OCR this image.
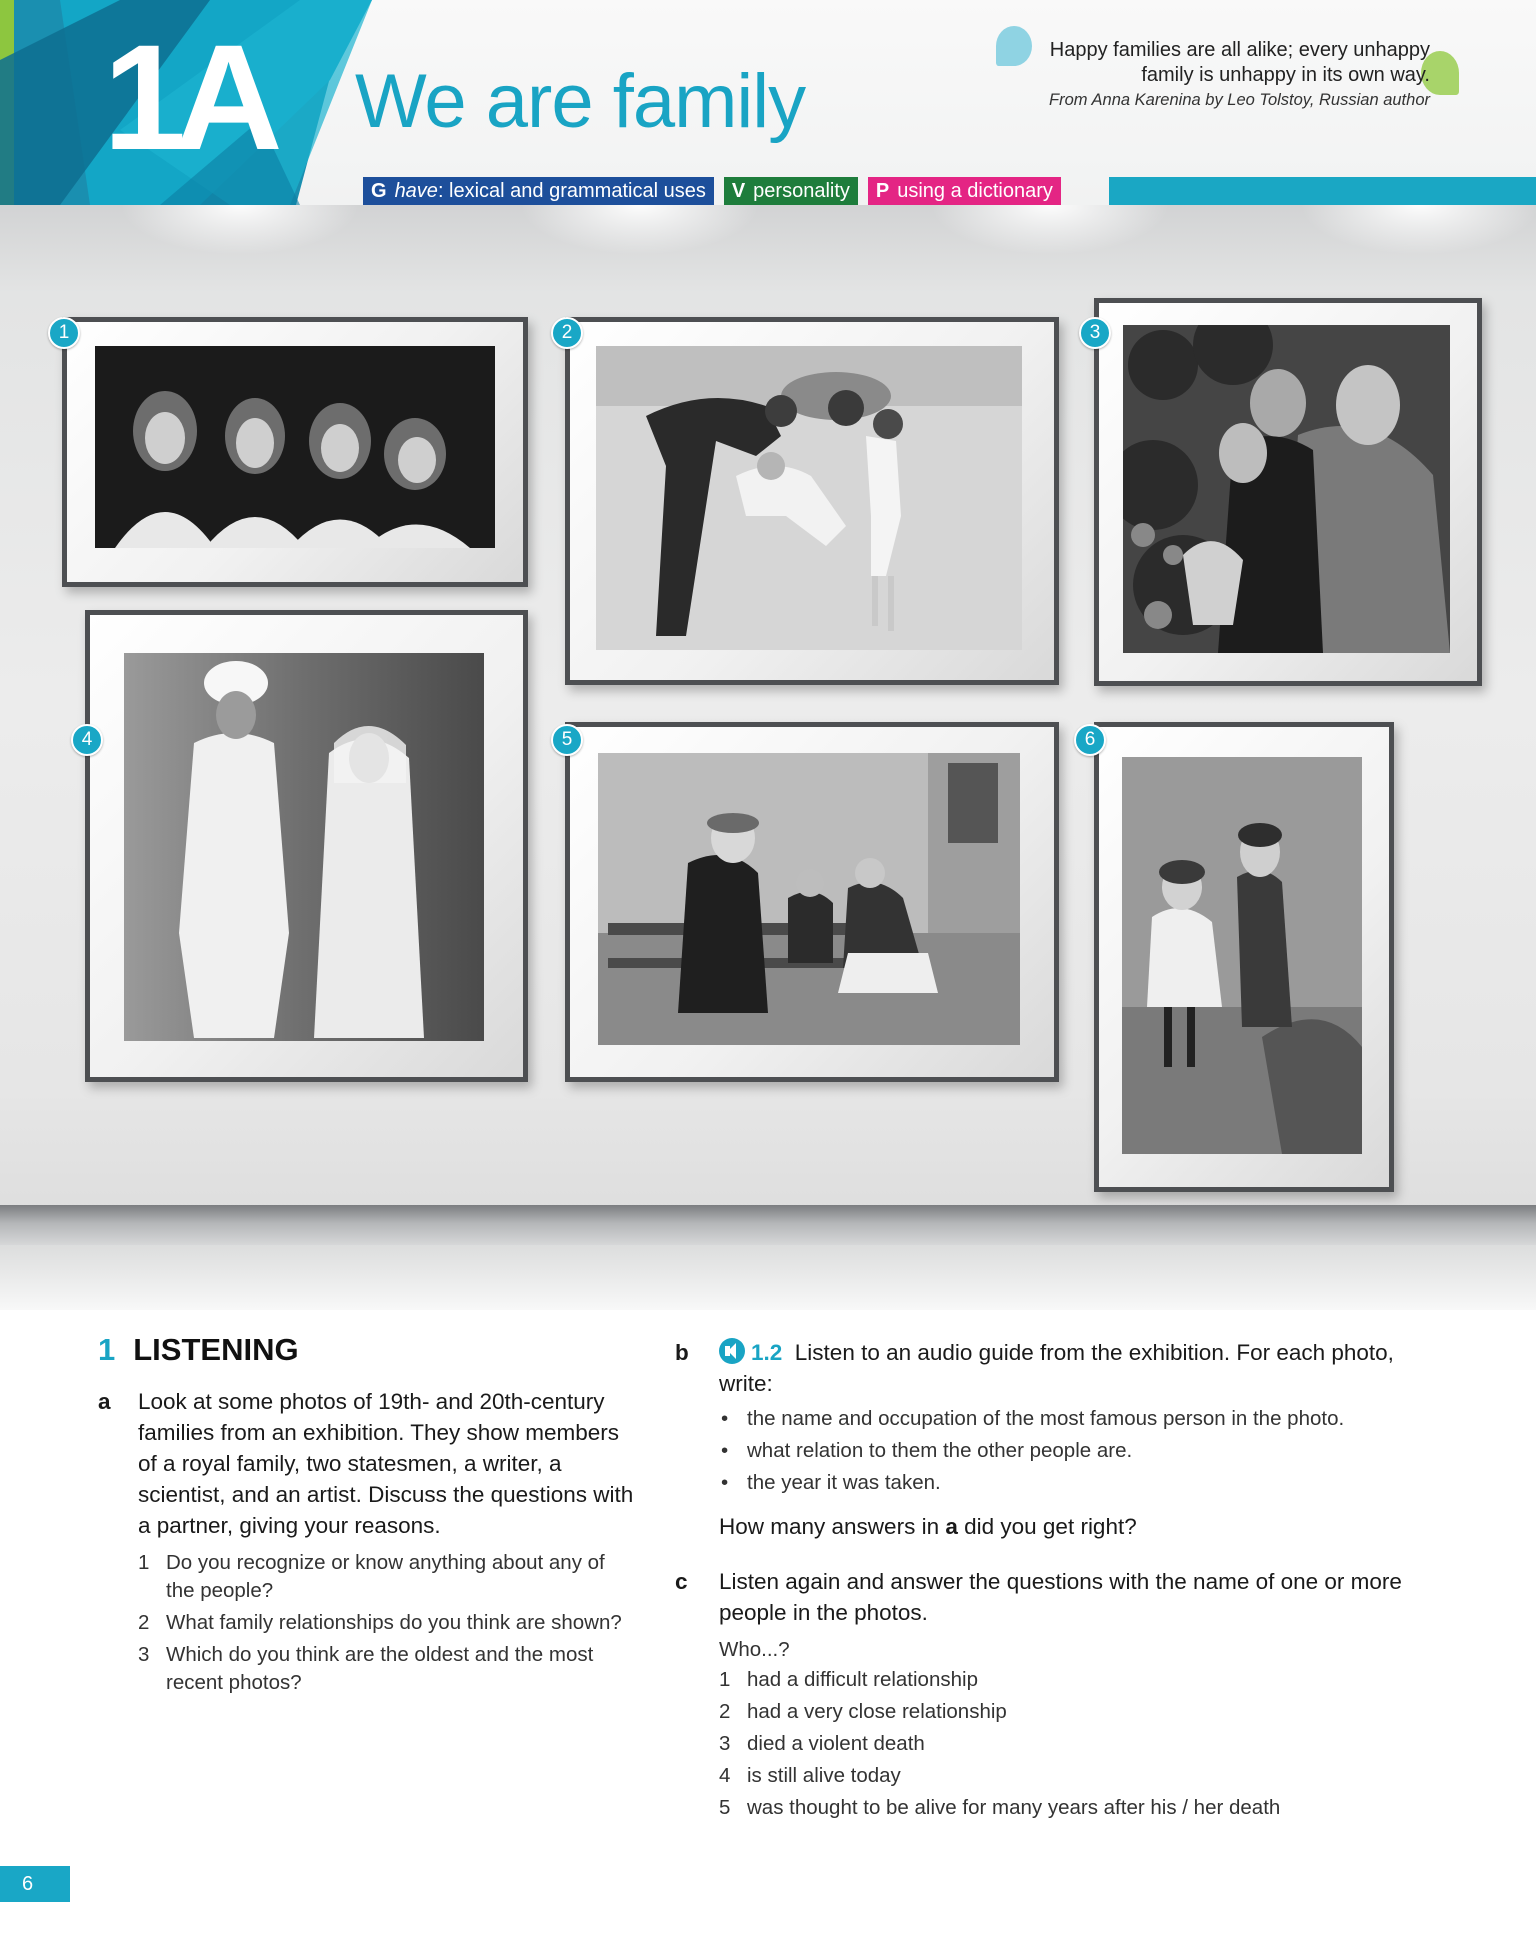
1A We are family
Happy families are all alike; every unhappy
family is unhappy in its own way.
From Anna Karenina by Leo Tolstoy, Russian author
G have: lexical and grammatical uses	V personality	P using a dictionary
1	2	3
4	5	6
1 LISTENING
a Look at some photos of 19th- and 20th-century families from an exhibition. They show members of a royal family, two statesmen, a writer, a scientist, and an artist. Discuss the questions with a partner, giving your reasons.
1 Do you recognize or know anything about any of the people?
2 What family relationships do you think are shown?
3 Which do you think are the oldest and the most recent photos?
b	1.2 Listen to an audio guide from the exhibition. For each photo, write:
• the name and occupation of the most famous person in the photo.
• what relation to them the other people are.
• the year it was taken.
How many answers in a did you get right?
c Listen again and answer the questions with the name of one or more people in the photos.
Who...?
1 had a difficult relationship
2 had a very close relationship
3 died a violent death
4 is still alive today
5 was thought to be alive for many years after his / her death
6
